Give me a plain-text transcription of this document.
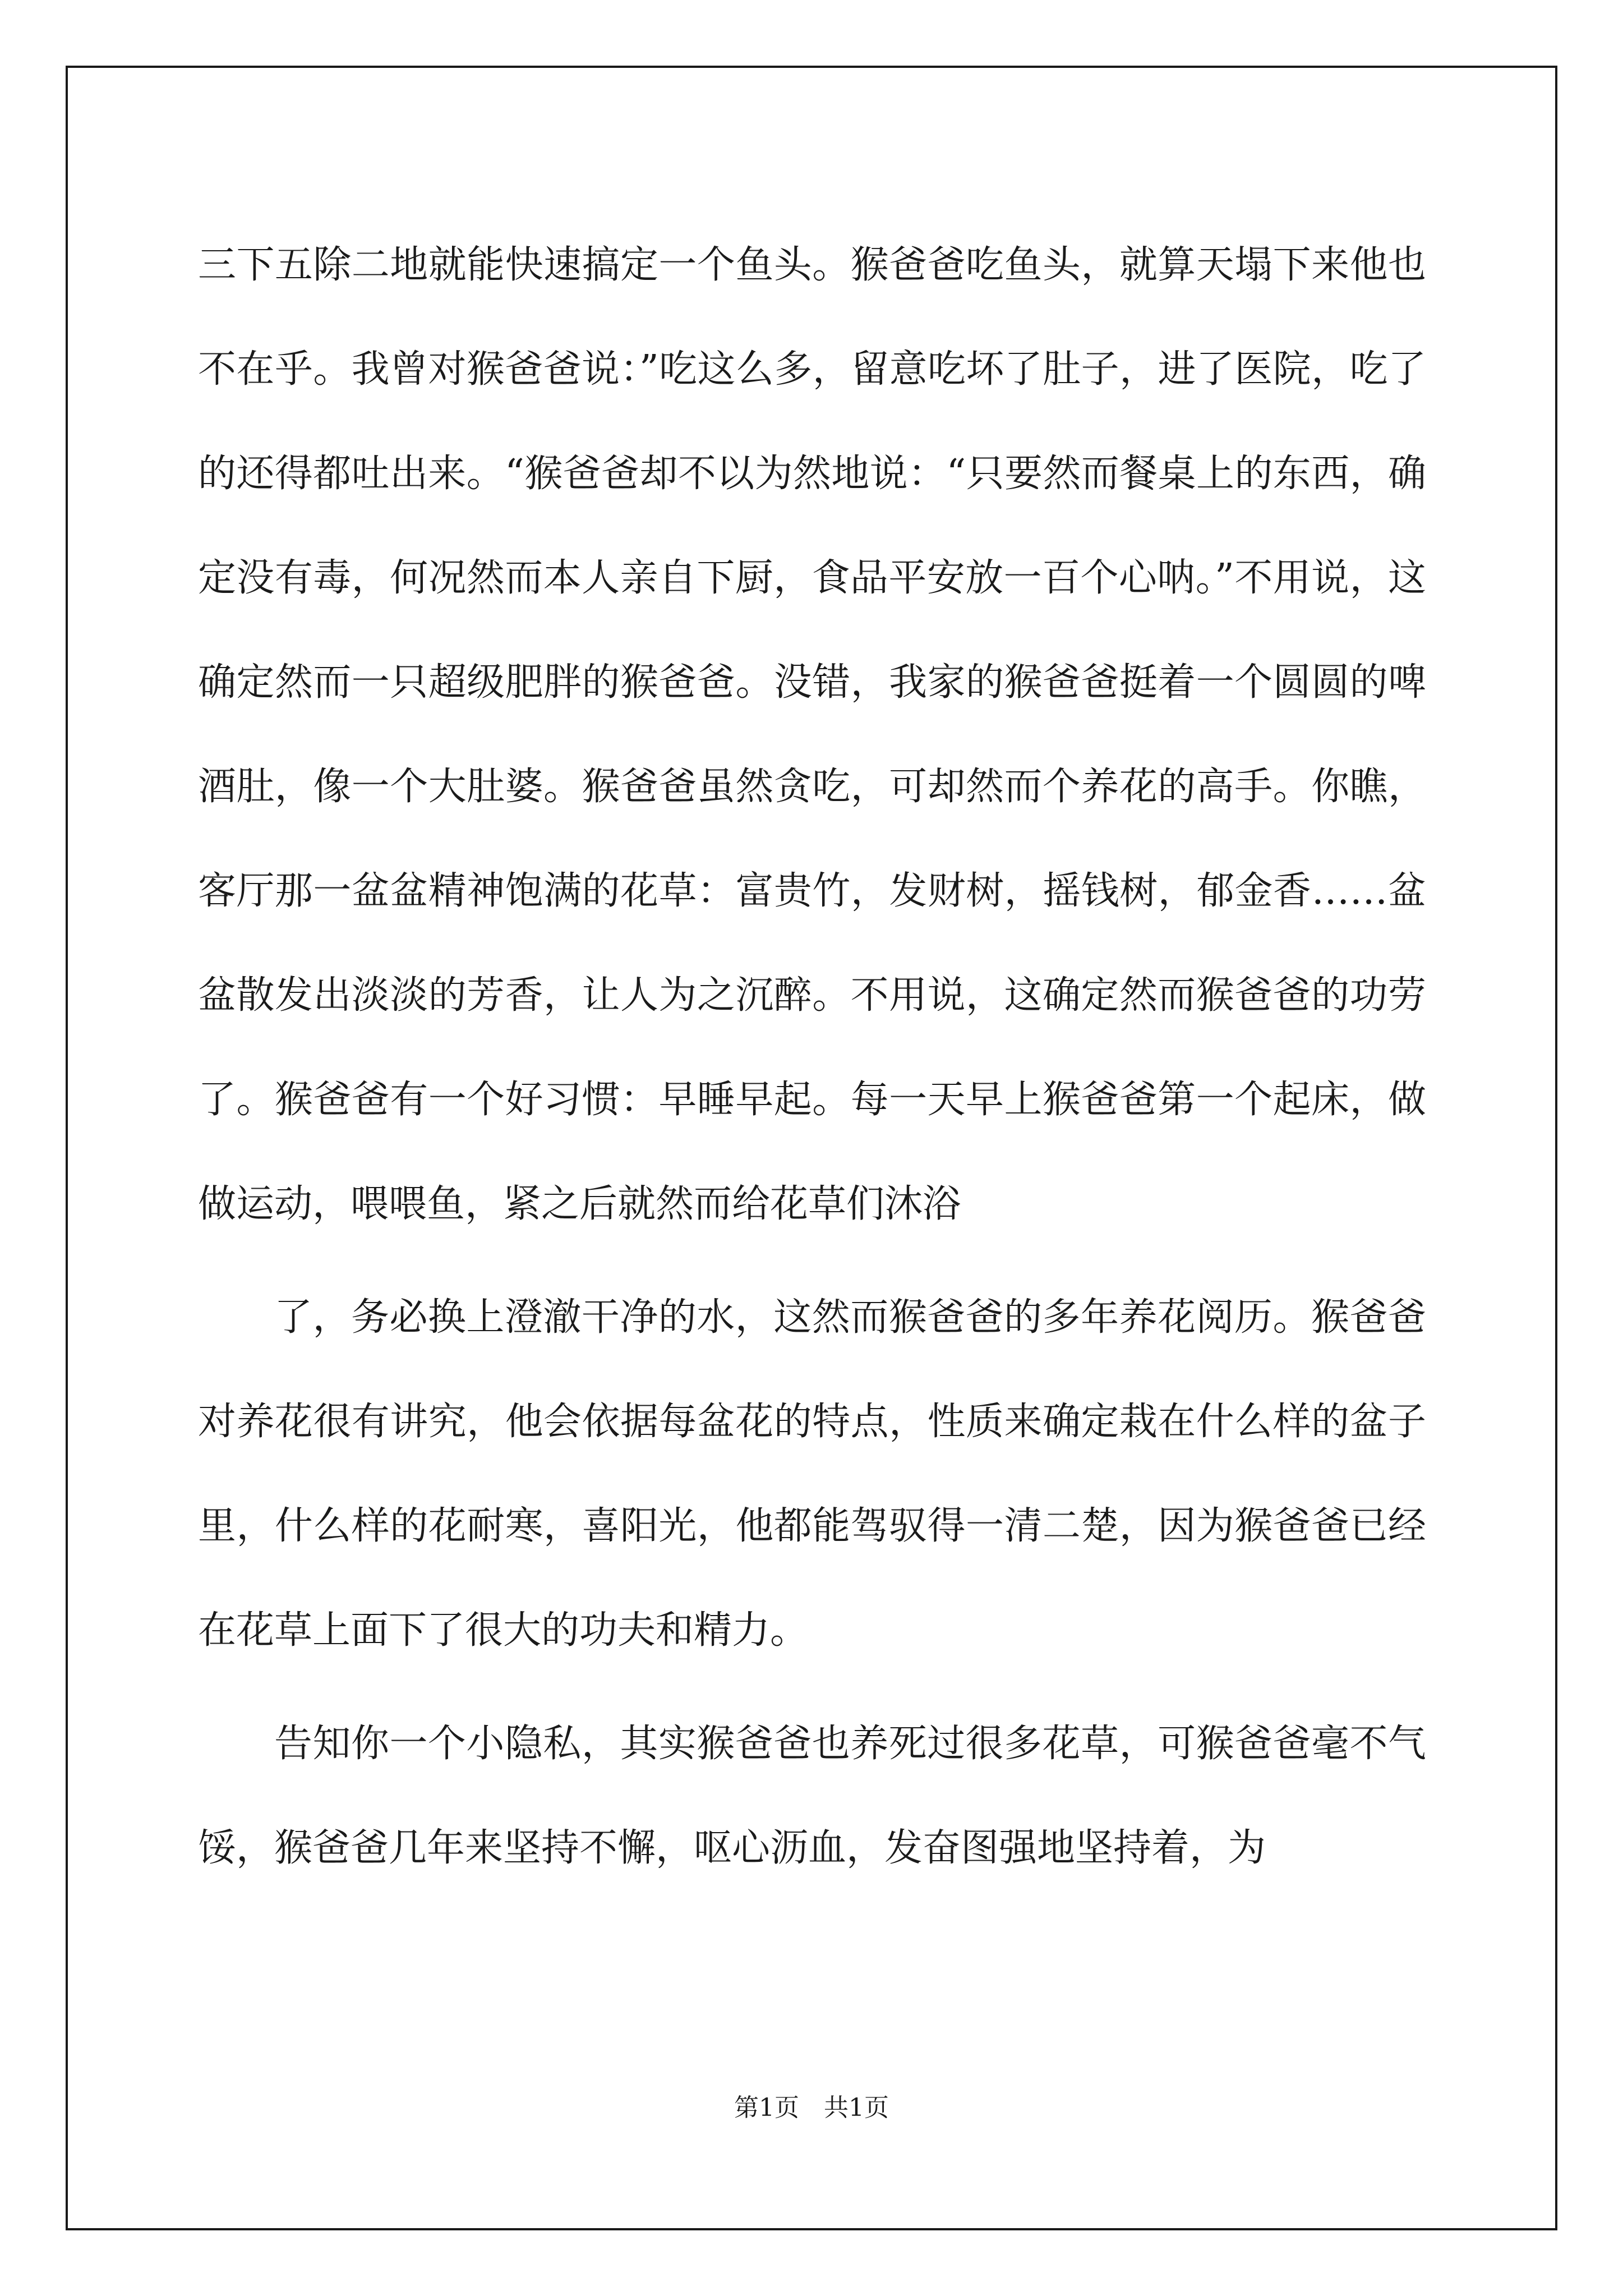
三下五除二地就能快速搞定一个鱼头。猴爸爸吃鱼头，就算天塌下来他也不在乎。我曾对猴爸爸说：”吃这么多，留意吃坏了肚子，进了医院，吃了的还得都吐出来。“猴爸爸却不以为然地说：“只要然而餐桌上的东西，确定没有毒，何况然而本人亲自下厨，食品平安放一百个心呐。”不用说，这确定然而一只超级肥胖的猴爸爸。没错，我家的猴爸爸挺着一个圆圆的啤酒肚，像一个大肚婆。猴爸爸虽然贪吃，可却然而个养花的高手。你瞧，客厅那一盆盆精神饱满的花草：富贵竹，发财树，摇钱树，郁金香……盆盆散发出淡淡的芳香，让人为之沉醉。不用说，这确定然而猴爸爸的功劳了。猴爸爸有一个好习惯：早睡早起。每一天早上猴爸爸第一个起床，做做运动，喂喂鱼，紧之后就然而给花草们沐浴

了，务必换上澄澈干净的水，这然而猴爸爸的多年养花阅历。猴爸爸对养花很有讲究，他会依据每盆花的特点，性质来确定栽在什么样的盆子里，什么样的花耐寒，喜阳光，他都能驾驭得一清二楚，因为猴爸爸已经在花草上面下了很大的功夫和精力。

告知你一个小隐私，其实猴爸爸也养死过很多花草，可猴爸爸毫不气馁，猴爸爸几年来坚持不懈，呕心沥血，发奋图强地坚持着，为

第1页 共1页
